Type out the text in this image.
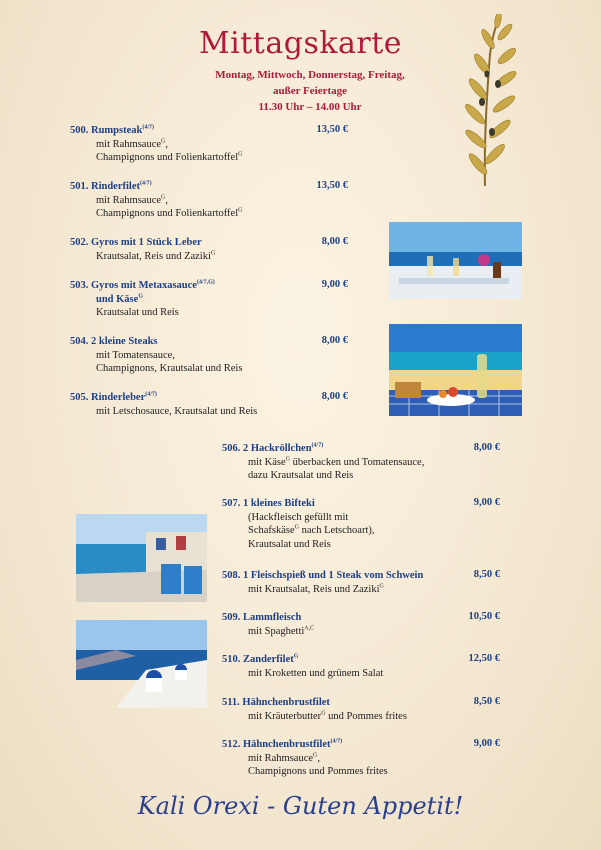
Mittagskarte
Montag, Mittwoch, Donnerstag, Freitag,
außer Feiertage
11.30 Uhr – 14.00 Uhr
500. Rumpsteak$^{(4/7)}$
mit Rahmsauce$^G$,
Champignons und Folienkartoffel$^G$
13,50 €
501. Rinderfilet$^{(4/7)}$
mit Rahmsauce$^G$,
Champignons und Folienkartoffel$^G$
13,50 €
502. Gyros mit 1 Stück Leber
Krautsalat, Reis und Zaziki$^G$
8,00 €
503. Gyros mit Metaxasauce$^{(4/7,G)}$
und Käse$^G$
Krautsalat und Reis
9,00 €
504. 2 kleine Steaks
mit Tomatensauce,
Champignons, Krautsalat und Reis
8,00 €
505. Rinderleber$^{(4/7)}$
mit Letschosauce, Krautsalat und Reis
8,00 €
506. 2 Hackröllchen$^{(4/7)}$
mit Käse$^G$ überbacken und Tomatensauce,
dazu Krautsalat und Reis
8,00 €
507. 1 kleines Bifteki
(Hackfleisch gefüllt mit
Schafskäse$^G$ nach Letschoart),
Krautsalat und Reis
9,00 €
508. 1 Fleischspieß und 1 Steak vom Schwein
mit Krautsalat, Reis und Zaziki$^G$
8,50 €
509. Lammfleisch
mit Spaghetti$^{A,C}$
10,50 €
510. Zanderfilet$^G$
mit Kroketten und grünem Salat
12,50 €
511. Hähnchenbrustfilet
mit Kräuterbutter$^G$ und Pommes frites
8,50 €
512. Hähnchenbrustfilet$^{(4/7)}$
mit Rahmsauce$^G$,
Champignons und Pommes frites
9,00 €
Kali Orexi - Guten Appetit!
